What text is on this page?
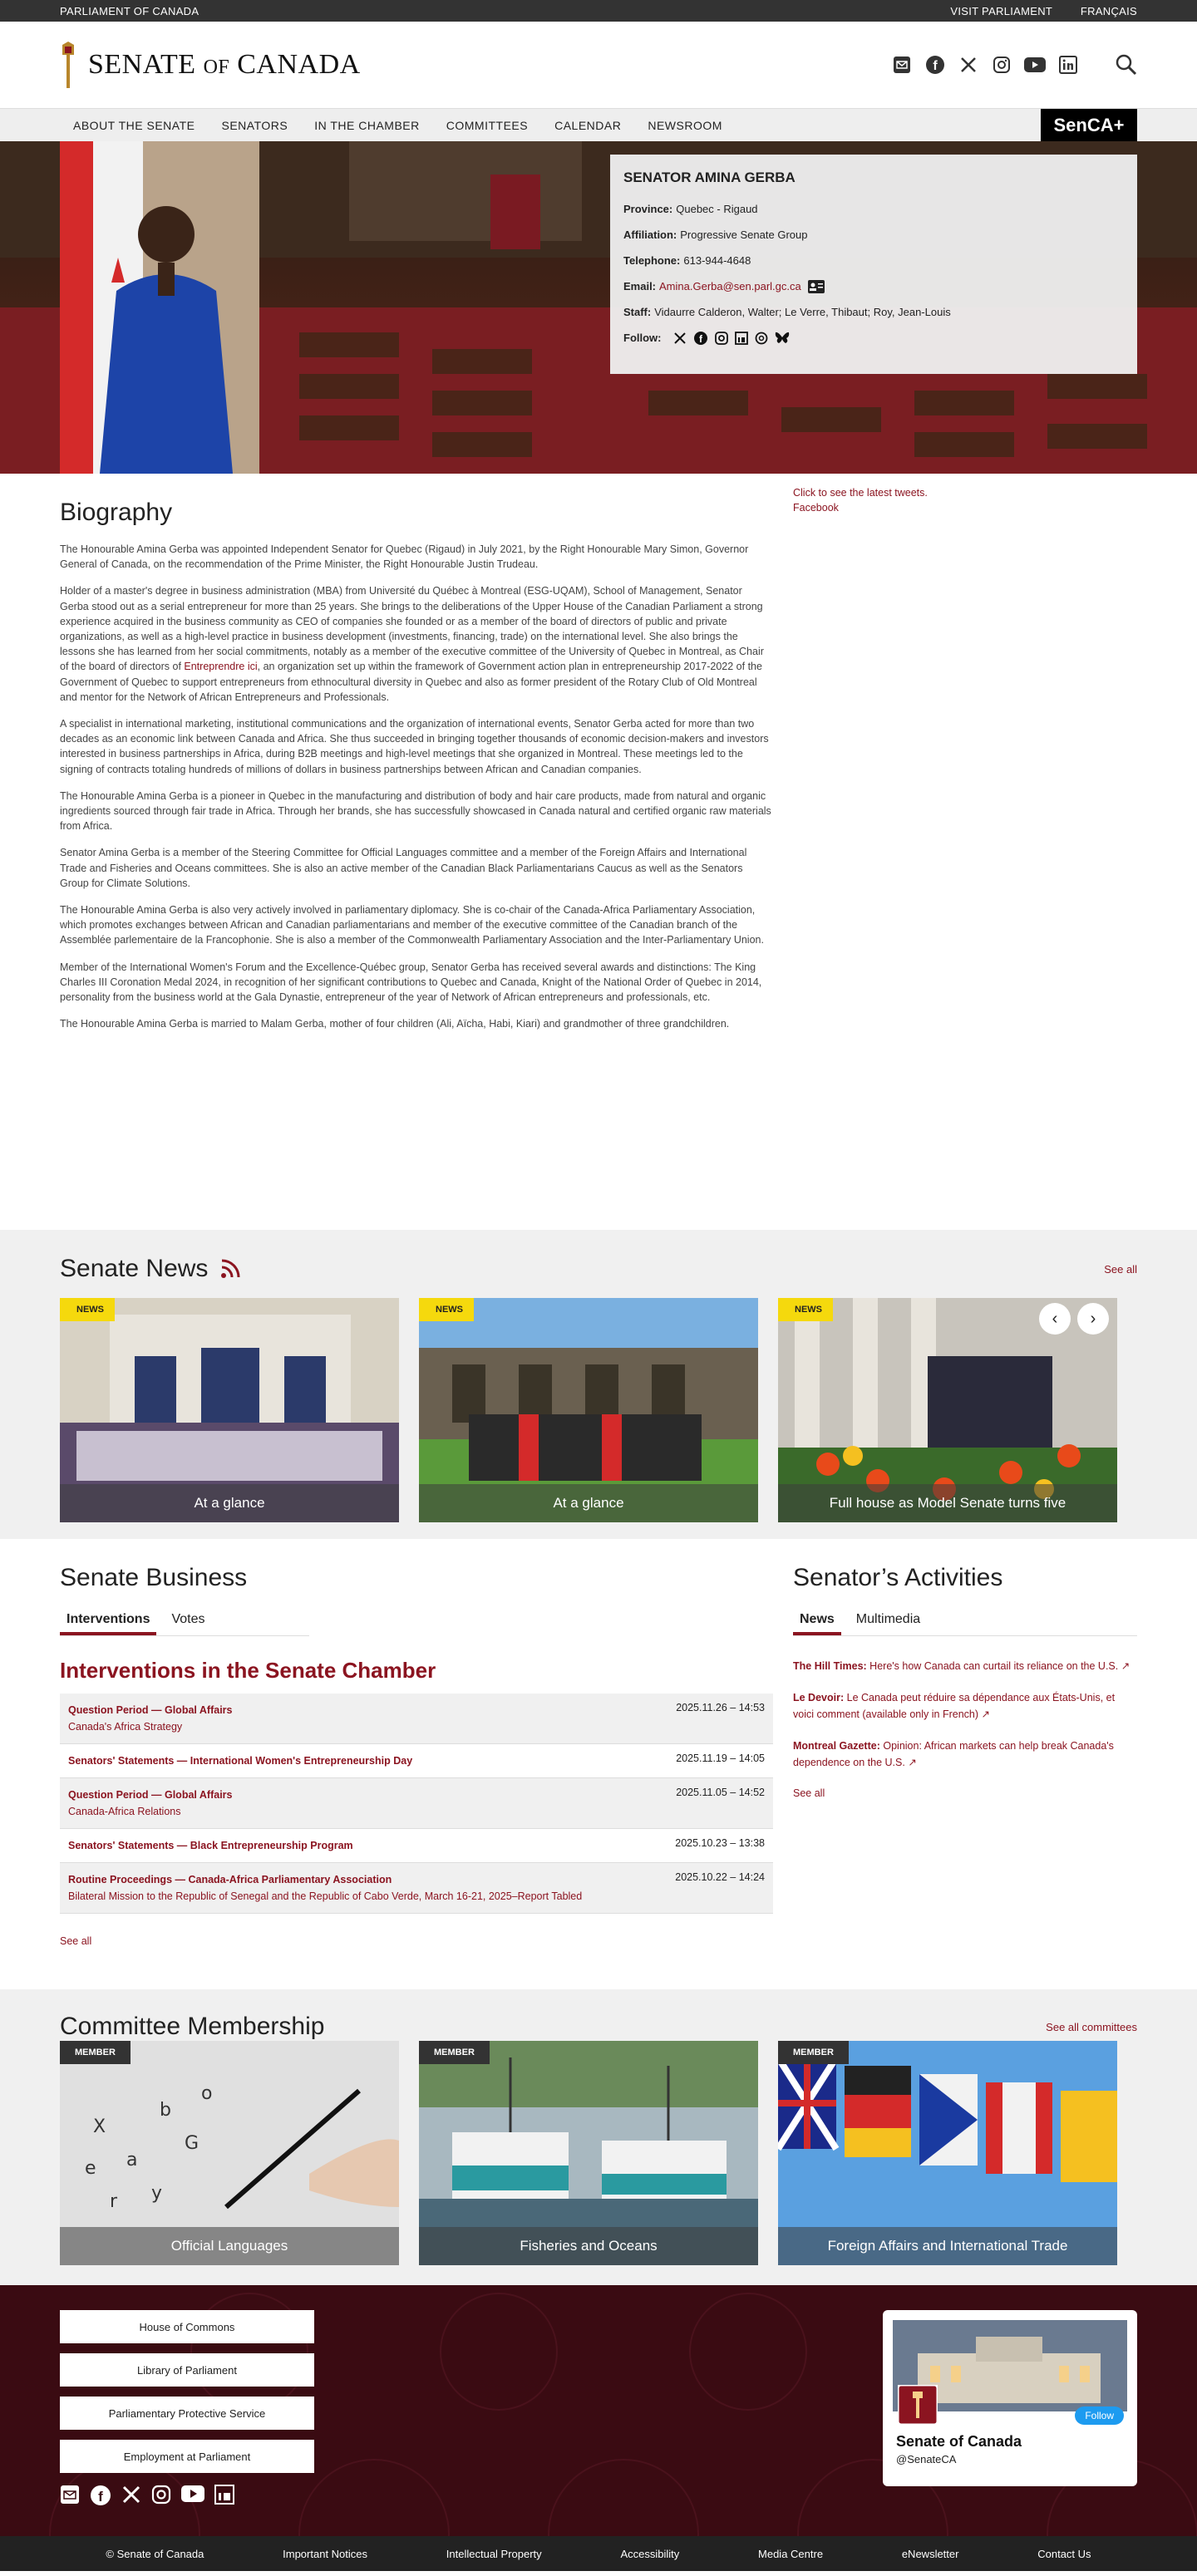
PARLIAMENT OF CANADA	VISIT PARLIAMENT	FRANÇAIS
SENATE OF CANADA	f
ABOUT THE SENATE	SENATORS	IN THE CHAMBER	COMMITTEES	CALENDAR	NEWSROOM	SenCA+
SENATOR AMINA GERBA
Province: Quebec - Rigaud
Affiliation: Progressive Senate Group
Telephone: 613-944-4648
Email: Amina.Gerba@sen.parl.gc.ca
Staff: Vidaurre Calderon, Walter; Le Verre, Thibaut; Roy, Jean-Louis
Follow:	f
Biography

The Honourable Amina Gerba was appointed Independent Senator for Quebec (Rigaud) in July 2021, by the Right Honourable Mary Simon, Governor General of Canada, on the recommendation of the Prime Minister, the Right Honourable Justin Trudeau.

Holder of a master's degree in business administration (MBA) from Université du Québec à Montreal (ESG-UQAM), School of Management, Senator Gerba stood out as a serial entrepreneur for more than 25 years. She brings to the deliberations of the Upper House of the Canadian Parliament a strong experience acquired in the business community as CEO of companies she founded or as a member of the board of directors of public and private organizations, as well as a high-level practice in business development (investments, financing, trade) on the international level. She also brings the lessons she has learned from her social commitments, notably as a member of the executive committee of the University of Quebec in Montreal, as Chair of the board of directors of Entreprendre ici, an organization set up within the framework of Government action plan in entrepreneurship 2017-2022 of the Government of Quebec to support entrepreneurs from ethnocultural diversity in Quebec and also as former president of the Rotary Club of Old Montreal and mentor for the Network of African Entrepreneurs and Professionals.

A specialist in international marketing, institutional communications and the organization of international events, Senator Gerba acted for more than two decades as an economic link between Canada and Africa. She thus succeeded in bringing together thousands of economic decision-makers and investors interested in business partnerships in Africa, during B2B meetings and high-level meetings that she organized in Montreal. These meetings led to the signing of contracts totaling hundreds of millions of dollars in business partnerships between African and Canadian companies.

The Honourable Amina Gerba is a pioneer in Quebec in the manufacturing and distribution of body and hair care products, made from natural and organic ingredients sourced through fair trade in Africa. Through her brands, she has successfully showcased in Canada natural and certified organic raw materials from Africa.

Senator Amina Gerba is a member of the Steering Committee for Official Languages committee and a member of the Foreign Affairs and International Trade and Fisheries and Oceans committees. She is also an active member of the Canadian Black Parliamentarians Caucus as well as the Senators Group for Climate Solutions.

The Honourable Amina Gerba is also very actively involved in parliamentary diplomacy. She is co-chair of the Canada-Africa Parliamentary Association, which promotes exchanges between African and Canadian parliamentarians and member of the executive committee of the Canadian branch of the Assemblée parlementaire de la Francophonie. She is also a member of the Commonwealth Parliamentary Association and the Inter-Parliamentary Union.

Member of the International Women's Forum and the Excellence-Québec group, Senator Gerba has received several awards and distinctions: The King Charles III Coronation Medal 2024, in recognition of her significant contributions to Quebec and Canada, Knight of the National Order of Quebec in 2014, personality from the business world at the Gala Dynastie, entrepreneur of the year of Network of African entrepreneurs and professionals, etc.

The Honourable Amina Gerba is married to Malam Gerba, mother of four children (Ali, Aïcha, Habi, Kiari) and grandmother of three grandchildren.

Click to see the latest tweets.
Facebook
Senate News	See all
NEWS
At a glance
NEWS
At a glance
NEWS	‹	›
Full house as Model Senate turns five
Senate Business
Interventions	Votes
Interventions in the Senate Chamber
Question Period — Global Affairs
Canada's Africa Strategy
2025.11.26 – 14:53
Senators' Statements — International Women's Entrepreneurship Day	2025.11.19 – 14:05
Question Period — Global Affairs
Canada-Africa Relations
2025.11.05 – 14:52
Senators' Statements — Black Entrepreneurship Program	2025.10.23 – 13:38
Routine Proceedings — Canada-Africa Parliamentary Association
Bilateral Mission to the Republic of Senegal and the Republic of Cabo Verde, March 16-21, 2025–Report Tabled
2025.10.22 – 14:24
See all
Senator’s Activities
News	Multimedia
The Hill Times: Here's how Canada can curtail its reliance on the U.S. ↗
Le Devoir: Le Canada peut réduire sa dépendance aux États-Unis, et voici comment (available only in French) ↗
Montreal Gazette: Opinion: African markets can help break Canada's dependence on the U.S. ↗
See all
Committee Membership	See all committees
X
a
b
r
G
e
y
o
MEMBER
Official Languages
MEMBER
Fisheries and Oceans
MEMBER
Foreign Affairs and International Trade
House of Commons
Library of Parliament
Parliamentary Protective Service
Employment at Parliament
f
Follow
Senate of Canada
@SenateCA
© Senate of Canada	Important Notices	Intellectual Property	Accessibility	Media Centre	eNewsletter	Contact Us
